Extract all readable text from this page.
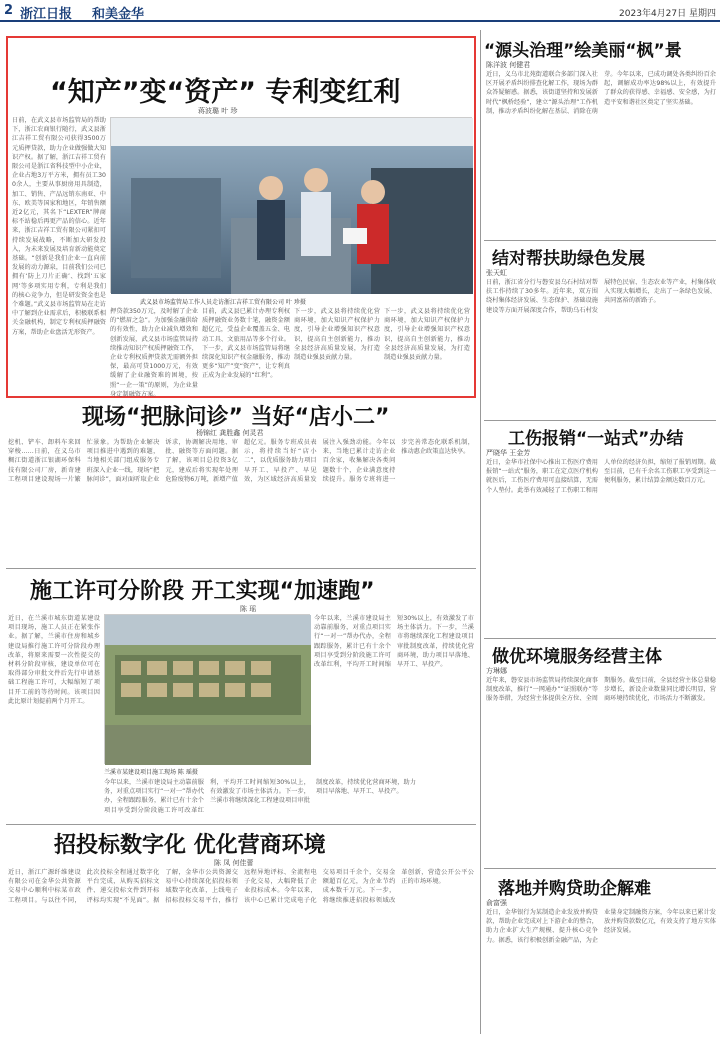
2 浙江日报 和美金华	2023年4月27日 星期四
“知产”变“资产” 专利变红利
蒋波璐 叶 珍
日前，在武义县市场监管局的帮助下，浙江农商银行随行，武义县浙江吉祥工贸有限公司获得3500万元质押贷款，助力企业做强做大知识产权。据了解，浙江吉祥工贸有限公司是浙江省科技型中小企业，企业占地3万平方米，拥有员工300余人，主要从事厨房用具制造，加工、销售、产品远销东南亚、中东、欧美等国家和地区，年销售额近2亿元，其名下“LEXTER”牌商标不站稳后再更产品的信心。近年来，浙江吉祥工贸有限公司紧扣可持续发展战略，不断加大研发投入，为未来发展及培育新动能奠定基础。“创新是我们企业一直向前发展的动力源泉，目前我们公司已拥有‘防上刀片正确’、找到‘五家网’等多项实用专利，专利是我们的核心竞争力，但是研发资金也是个难题。”武义县市场监管局在走访中了解到企业需求后，积极联系相关金融机构，制定专利权质押融资方案，帮助企业盘活无形资产。
武义县市场监管局工作人员走访浙江吉祥工贸有限公司 叶 珍摄
押贷款350万元，及时解了企业的“燃眉之急”。为加强金融供给的有效性，助力企业减负增效和创新发展，武义县市场监管局持续推动知识产权质押融资工作，企业专利权质押贷款无需额外担保，最高可贷1000万元，有效缓解了企业融资难的困境，按照“一企一策”的原则，为企业量身定制融资方案。
目前，武义县已累计办理专利权质押融资业务数十笔，融资金额超亿元，受益企业覆盖五金、电动工具、文旅用品等多个行业。下一步，武义县市场监管局将继续深化知识产权金融服务，推动更多“知产”变“资产”，让专利真正成为企业发展的“红利”。
下一步，武义县将持续优化营商环境，加大知识产权保护力度，引导企业增强知识产权意识，提高自主创新能力，推动全县经济高质量发展，为打造制造业强县贡献力量。
下一步，武义县将持续优化营商环境，加大知识产权保护力度，引导企业增强知识产权意识，提高自主创新能力，推动全县经济高质量发展，为打造制造业强县贡献力量。
现场“把脉问诊” 当好“店小二”
杨锦红 龚胜鑫 何灵君
挖机、铲车、卸料车来回穿梭……日前，在义乌市稠江街道浙江银湖环保科技有限公司厂房，新奇建工程项目建设现场一片繁忙景象。为帮助企业解决项目推进中遇到的难题，当地相关部门组成服务专班深入企业一线，现场“把脉问诊”，面对面听取企业诉求，协调解决用地、审批、融资等方面问题。据了解，该项目总投资3亿元，建成后将实现年处理危险废物6万吨，新增产值超亿元。服务专班成员表示，将持续当好“店小二”，以优质服务助力项目早开工、早投产、早见效，为区域经济高质量发展注入强劲动能。今年以来，当地已累计走访企业百余家，收集解决各类问题数十个，企业满意度持续提升。服务专班将进一步完善常态化联系机制，推动惠企政策直达快享。
施工许可分阶段 开工实现“加速跑”
陈 瑶
近日，在兰溪市城东街道某建设项目现场，施工人员正在紧张作业。据了解，兰溪市住房和城乡建设局推行施工许可分阶段办理改革，将原来需要一次性提交的材料分阶段审核，建设单位可在取得部分审批文件后先行申请基础工程施工许可，大幅缩短了项目开工前的等待时间。该项目因此比原计划提前两个月开工。
兰溪市某建设项目施工现场 陈 瑶摄
今年以来，兰溪市建设局主动靠前服务，对重点项目实行“一对一”帮办代办，全程跟踪服务，累计已有十余个项目享受到分阶段施工许可改革红利，平均开工时间缩短30%以上，有效激发了市场主体活力。下一步，兰溪市将继续深化工程建设项目审批制度改革，持续优化营商环境，助力项目早落地、早开工、早投产。
今年以来，兰溪市建设局主动靠前服务，对重点项目实行“一对一”帮办代办，全程跟踪服务，累计已有十余个项目享受到分阶段施工许可改革红利，平均开工时间缩短30%以上，有效激发了市场主体活力。下一步，兰溪市将继续深化工程建设项目审批制度改革，持续优化营商环境，助力项目早落地、早开工、早投产。
招投标数字化 优化营商环境
陈 凤 何佳蕾
近日，浙江广源纤维建设有限公司在金华公共资源交易中心顺利中标某市政工程项目。与以往不同，此次投标全程通过数字化平台完成，从购买招标文件、递交投标文件到开标评标均实现“不见面”。据了解，金华市公共资源交易中心持续深化招投标领域数字化改革，上线电子招标投标交易平台，推行远程异地评标、全流程电子化交易，大幅降低了企业投标成本。今年以来，该中心已累计完成电子化交易项目千余个，交易金额超百亿元，为企业节约成本数千万元。下一步，将继续推进招投标领域改革创新，营造公开公平公正的市场环境。
“源头治理”绘美丽“枫”景
陈洋波 何健君
近日，义乌市北苑街道联合多部门深入社区开展矛盾纠纷排查化解工作，现场为群众答疑解惑。据悉，该街道坚持和发展新时代“枫桥经验”，建立“源头治理”工作机制，推动矛盾纠纷化解在基层、消除在萌芽。今年以来，已成功调处各类纠纷百余起，调解成功率达98%以上，有效提升了群众的获得感、幸福感、安全感，为打造平安和谐社区奠定了坚实基础。
结对帮扶助绿色发展
张天虹
日前，浙江省分行与磐安县乌石村结对帮扶工作持续了30多年。近年来，双方围绕村集体经济发展、生态保护、基础设施建设等方面开展深度合作，帮助乌石村发展特色民宿、生态农业等产业，村集体收入实现大幅增长，走出了一条绿色发展、共同富裕的新路子。
工伤报销“一站式”办结
严晓华 王金芳
近日，金华市社保中心推出工伤医疗费用报销“一站式”服务，职工在定点医疗机构就医后，工伤医疗费用可直接结算，无需个人垫付。此举有效减轻了工伤职工和用人单位的经济负担，缩短了报销周期。截至目前，已有千余名工伤职工享受到这一便利服务，累计结算金额达数百万元。
做优环境服务经营主体
方琳娜
近年来，磐安县市场监管局持续深化商事制度改革，推行“一网通办”“证照联办”等服务举措，为经营主体提供全方位、全周期服务。截至目前，全县经营主体总量稳步增长，新设企业数量同比增长明显，营商环境持续优化，市场活力不断激发。
落地并购贷助企解难
俞富强
近日，金华银行为某制造企业发放并购贷款，帮助企业完成对上下游企业的整合，助力企业扩大生产规模、提升核心竞争力。据悉，该行积极创新金融产品，为企业量身定制融资方案，今年以来已累计发放并购贷款数亿元，有效支持了地方实体经济发展。
